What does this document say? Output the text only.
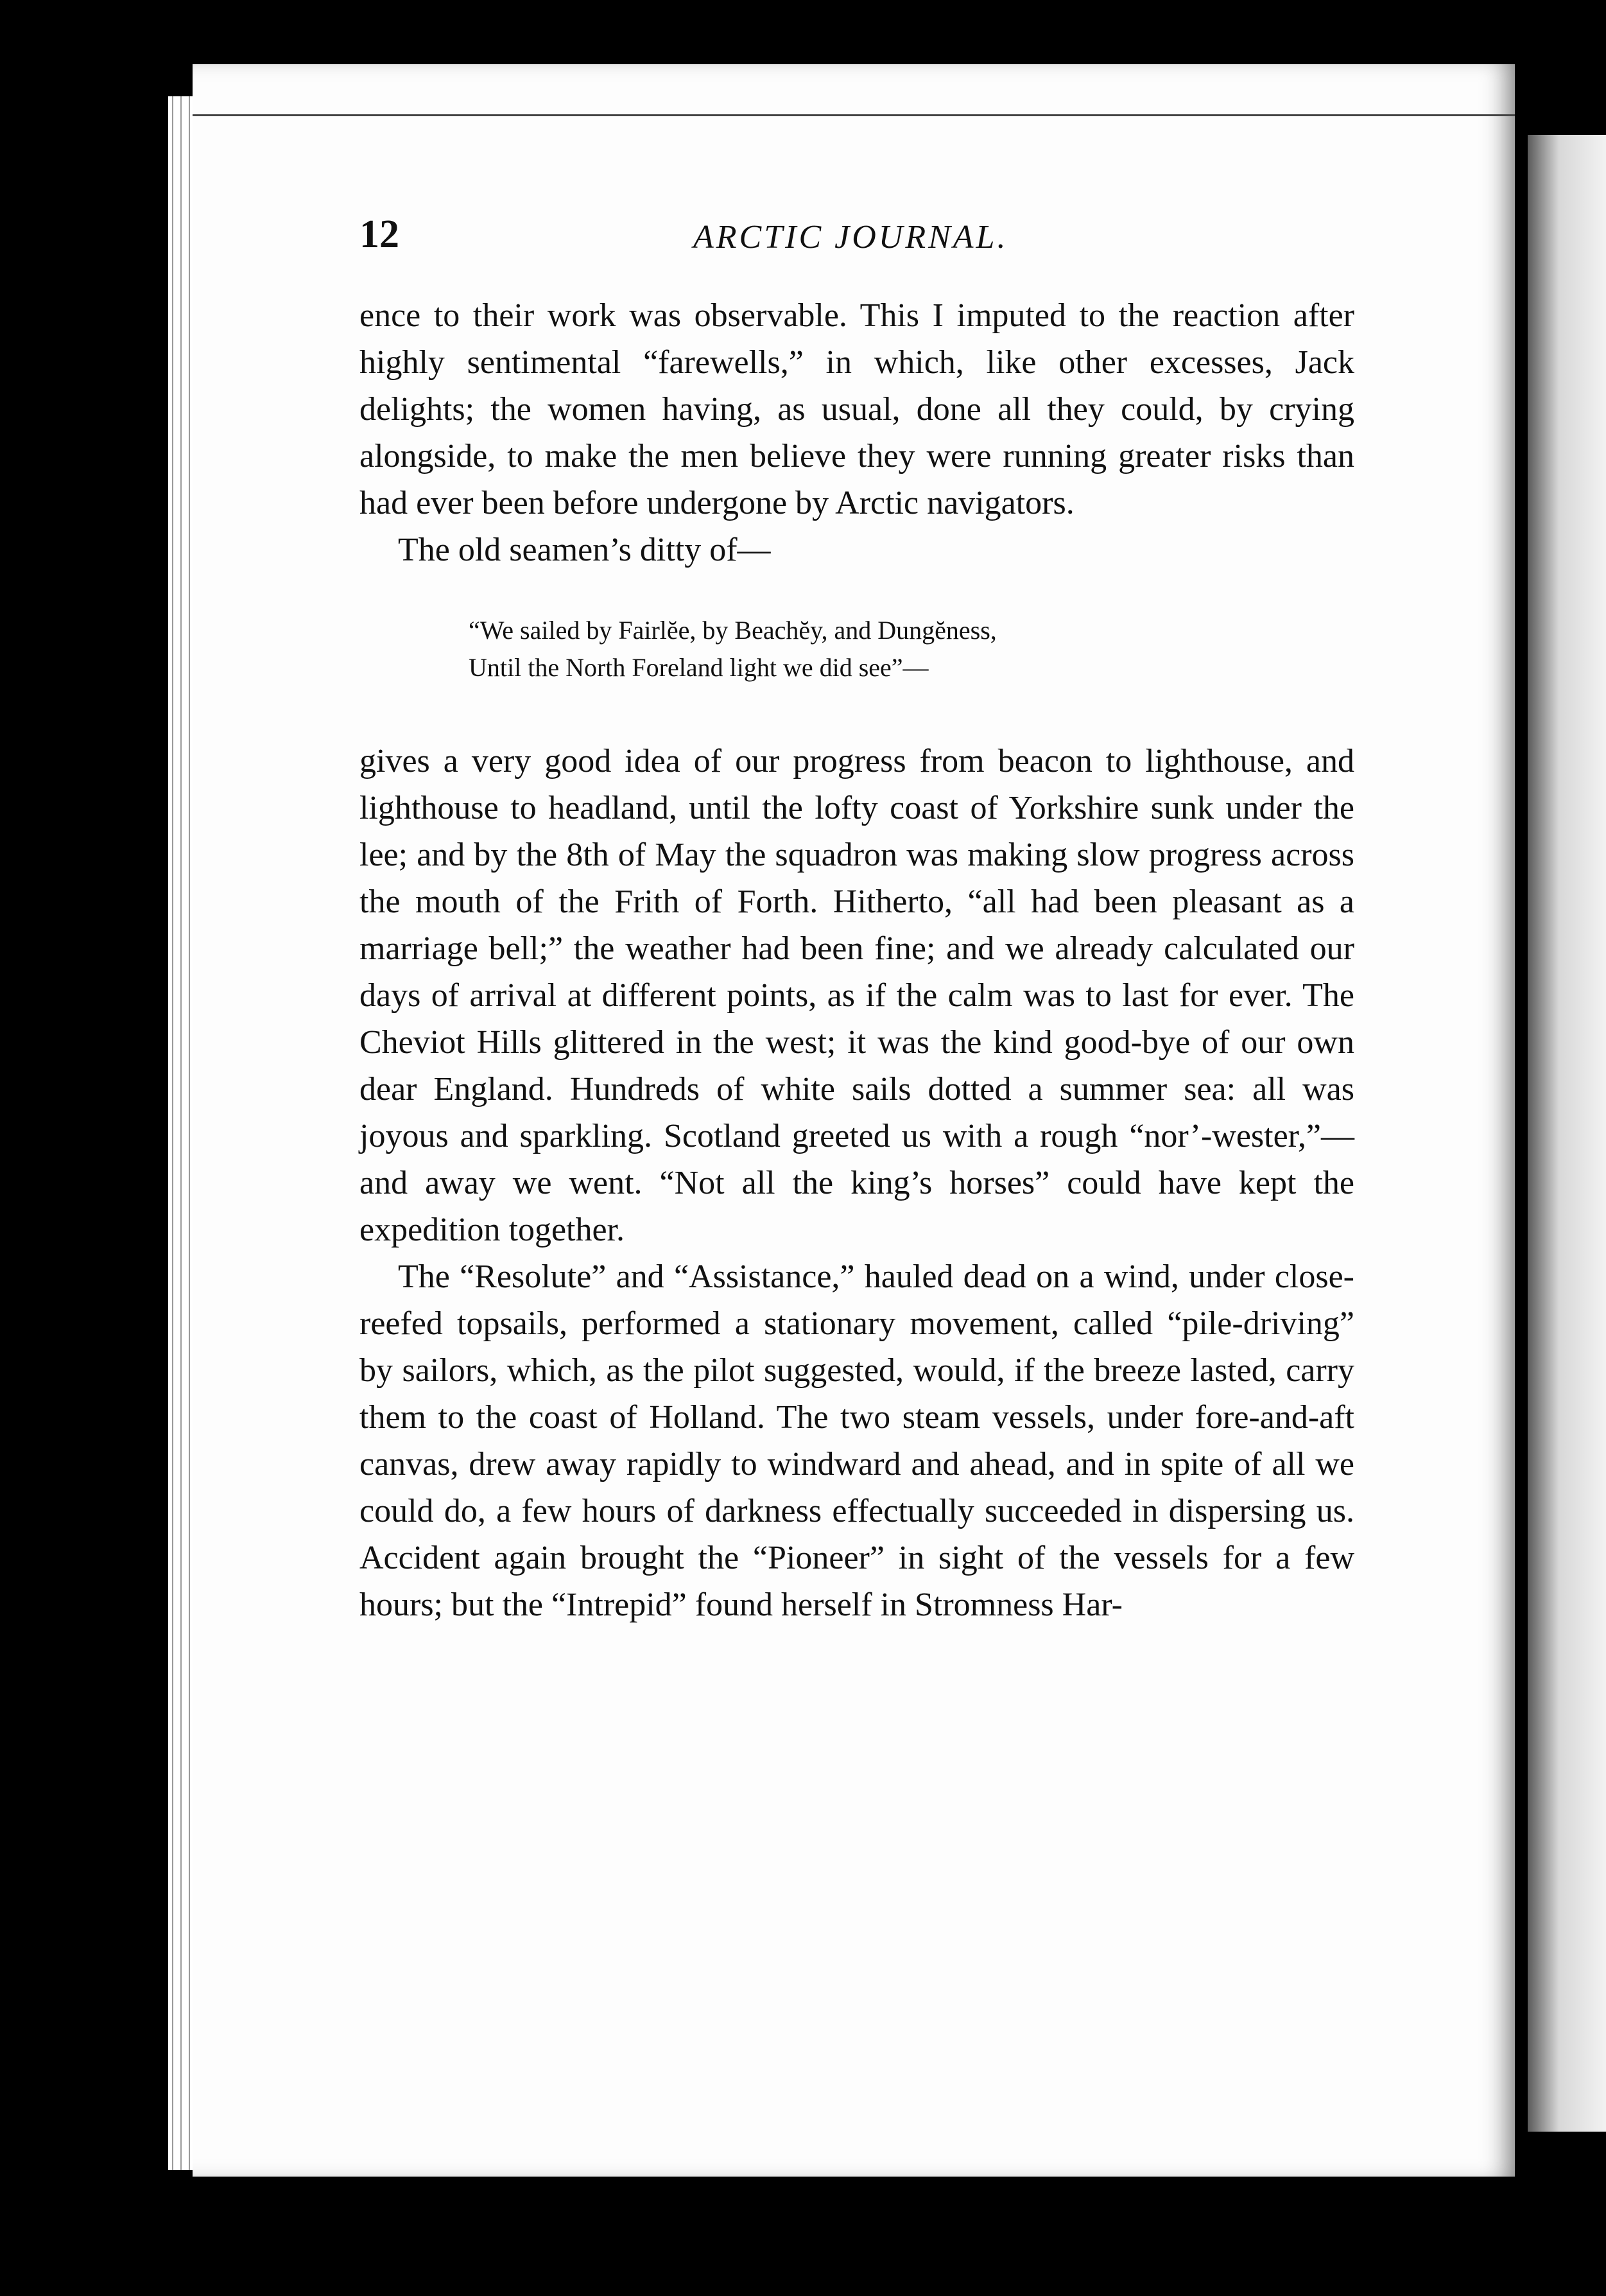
12	ARCTIC JOURNAL.

ence to their work was observable. This I imputed to the reaction after highly sentimental “farewells,” in which, like other excesses, Jack delights; the women having, as usual, done all they could, by crying alongside, to make the men believe they were running greater risks than had ever been before undergone by Arctic navigators.

The old seamen’s ditty of—

“We sailed by Fairlĕe, by Beachĕy, and Dungĕness,
Until the North Foreland light we did see”—

gives a very good idea of our progress from beacon to lighthouse, and lighthouse to headland, until the lofty coast of Yorkshire sunk under the lee; and by the 8th of May the squadron was making slow progress across the mouth of the Frith of Forth. Hitherto, “all had been pleasant as a marriage bell;” the weather had been fine; and we already calculated our days of arrival at different points, as if the calm was to last for ever. The Cheviot Hills glittered in the west; it was the kind good-bye of our own dear England. Hundreds of white sails dotted a summer sea: all was joyous and sparkling. Scotland greeted us with a rough “nor’-wester,”—and away we went. “Not all the king’s horses” could have kept the expedition together.

The “Resolute” and “Assistance,” hauled dead on a wind, under close-reefed topsails, performed a stationary movement, called “pile-driving” by sailors, which, as the pilot suggested, would, if the breeze lasted, carry them to the coast of Holland. The two steam vessels, under fore-and-aft canvas, drew away rapidly to windward and ahead, and in spite of all we could do, a few hours of darkness effectually succeeded in dispersing us. Accident again brought the “Pioneer” in sight of the vessels for a few hours; but the “Intrepid” found herself in Stromness Har-
